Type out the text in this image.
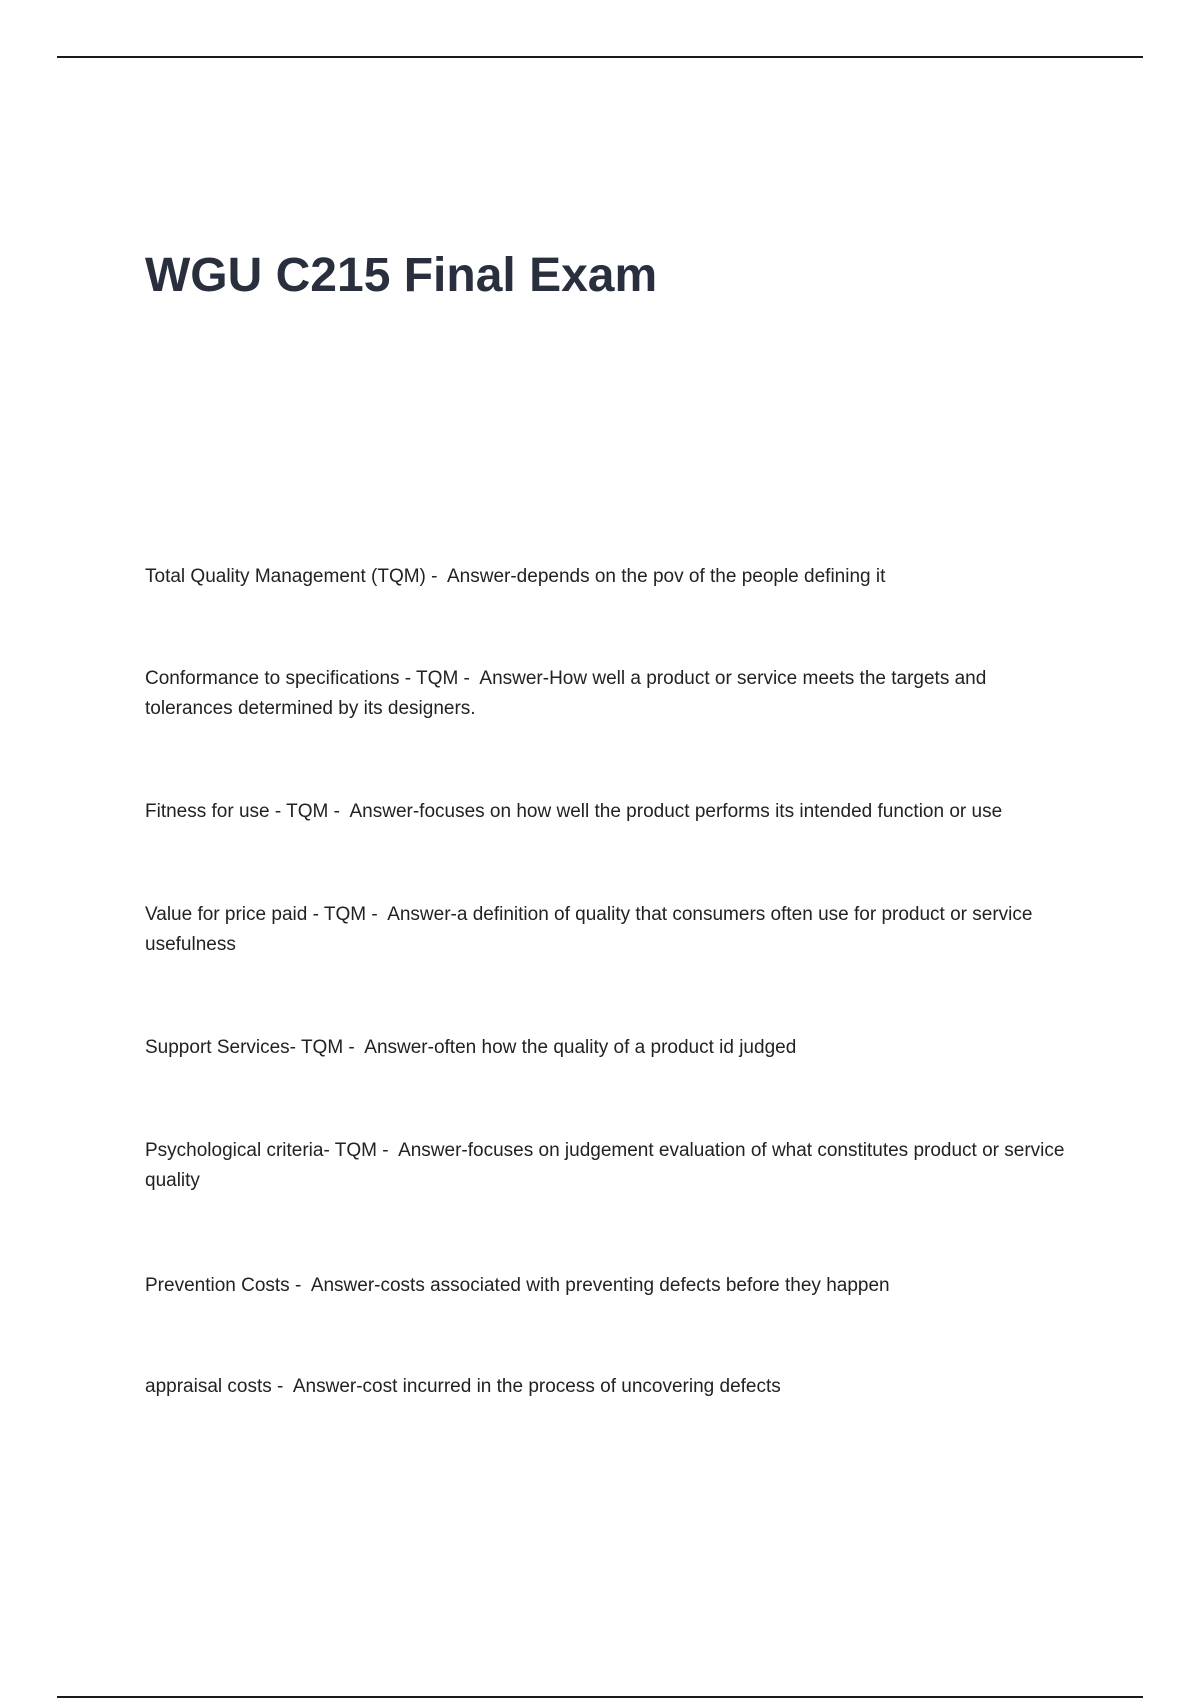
WGU C215 Final Exam
Total Quality Management (TQM) - Answer-depends on the pov of the people defining it
Conformance to specifications - TQM - Answer-How well a product or service meets the targets and tolerances determined by its designers.
Fitness for use - TQM - Answer-focuses on how well the product performs its intended function or use
Value for price paid - TQM - Answer-a definition of quality that consumers often use for product or service usefulness
Support Services- TQM - Answer-often how the quality of a product id judged
Psychological criteria- TQM - Answer-focuses on judgement evaluation of what constitutes product or service quality
Prevention Costs - Answer-costs associated with preventing defects before they happen
appraisal costs - Answer-cost incurred in the process of uncovering defects
